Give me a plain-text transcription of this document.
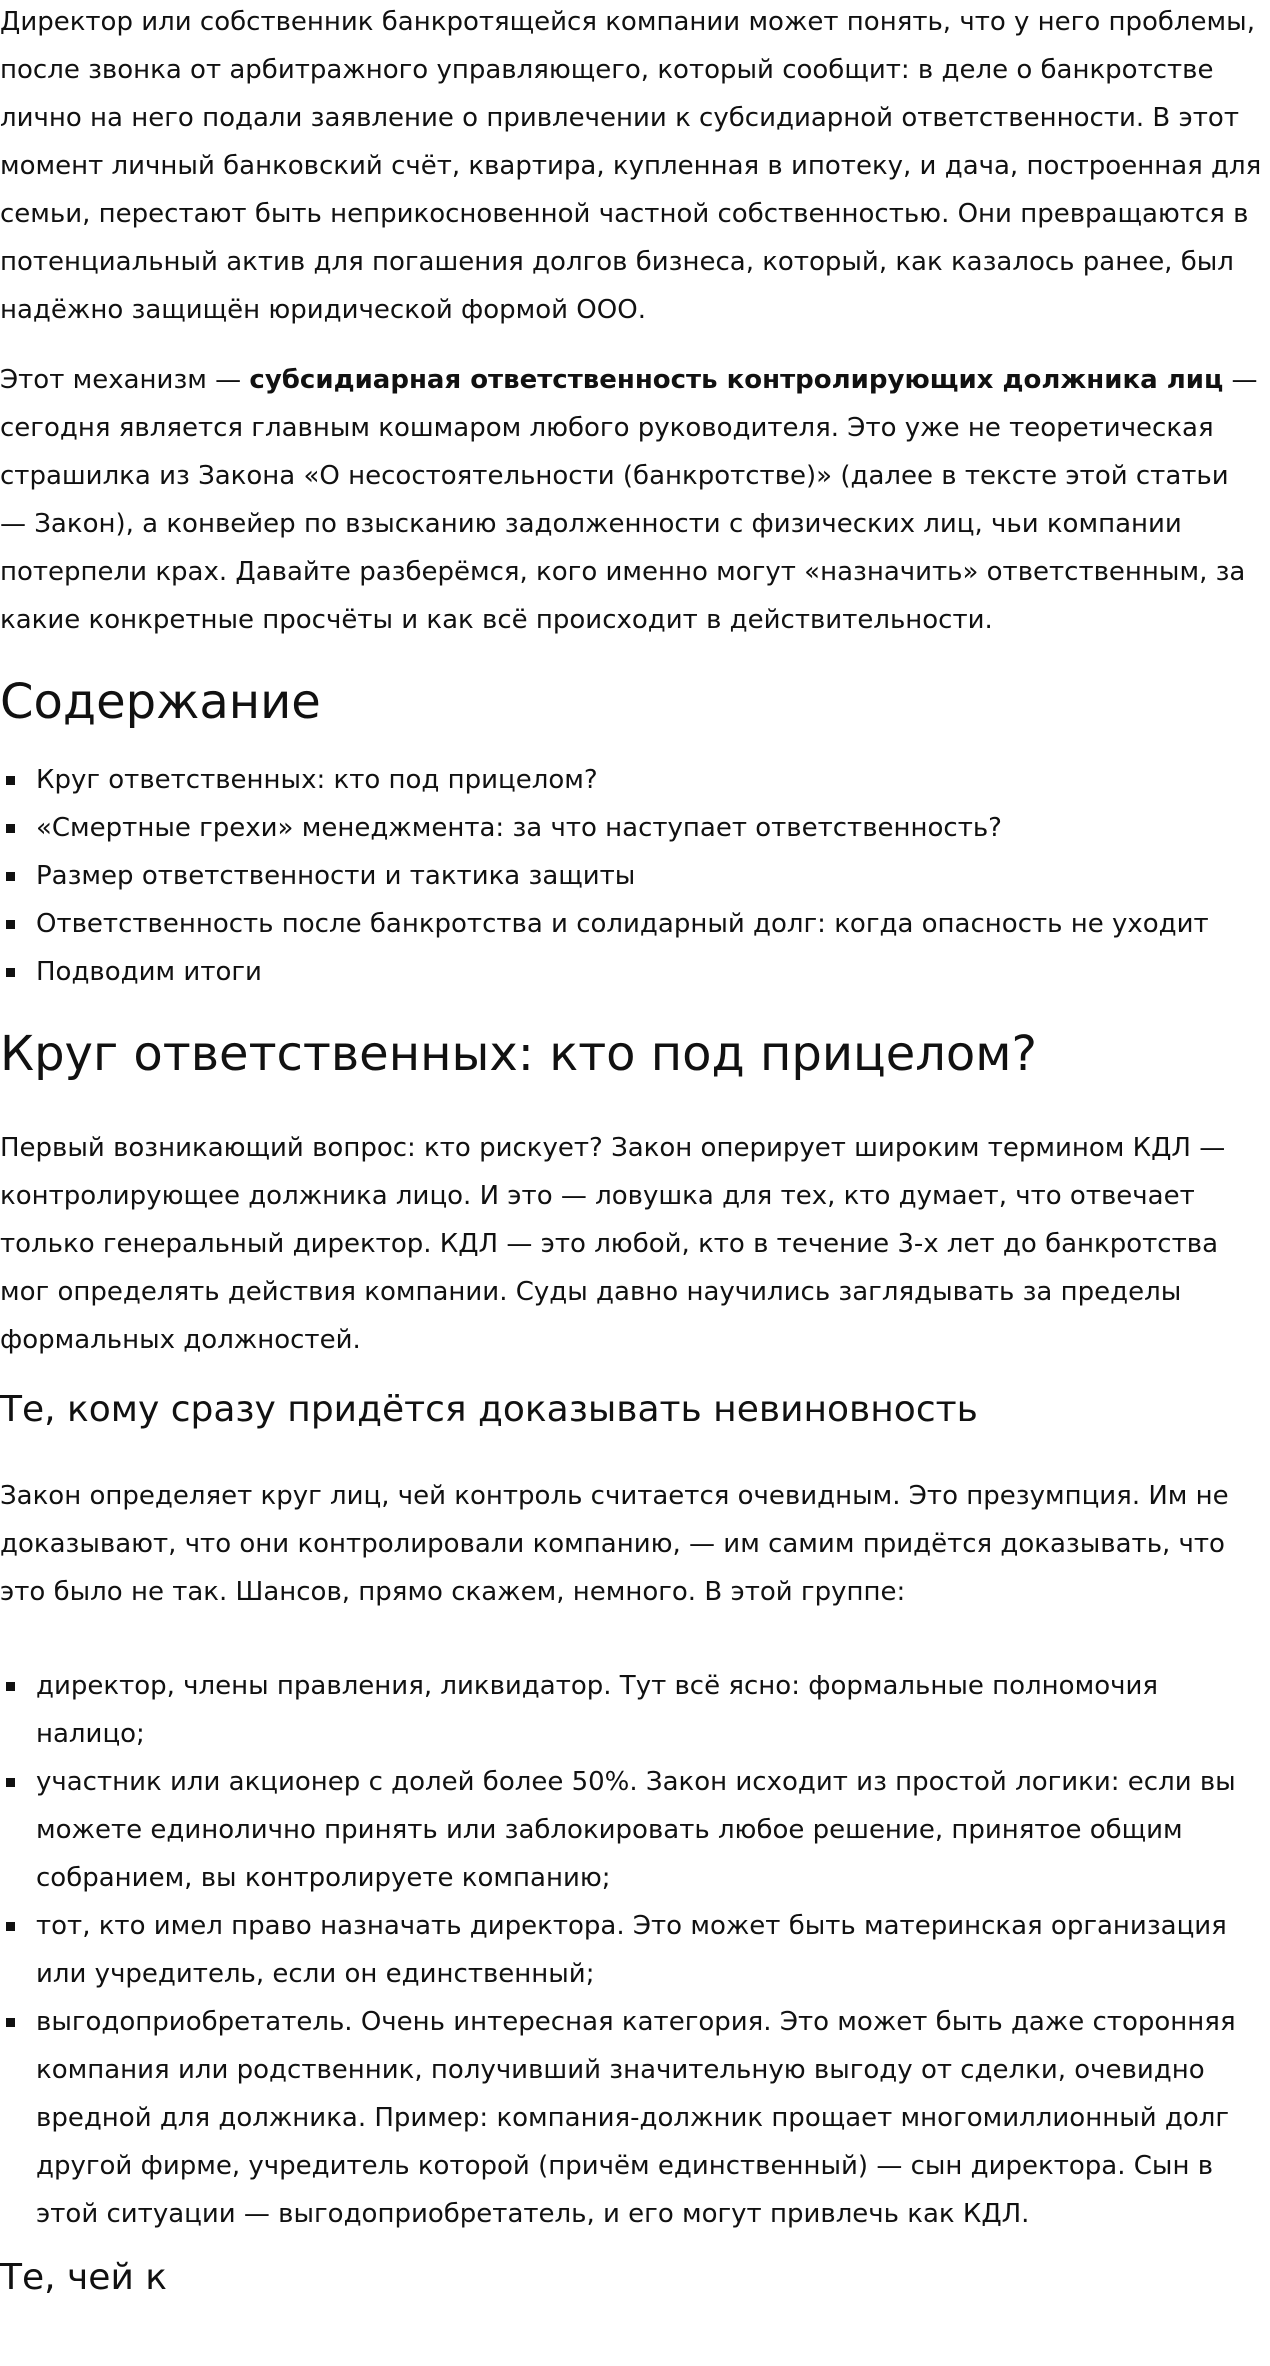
Директор или собственник банкротящейся компании может понять, что у него проблемы, после звонка от арбитражного управляющего, который сообщит: в деле о банкротстве лично на него подали заявление о привлечении к субсидиарной ответственности. В этот момент личный банковский счёт, квартира, купленная в ипотеку, и дача, построенная для семьи, перестают быть неприкосновенной частной собственностью. Они превращаются в потенциальный актив для погашения долгов бизнеса, который, как казалось ранее, был надёжно защищён юридической формой ООО.

Этот механизм — субсидиарная ответственность контролирующих должника лиц — сегодня является главным кошмаром любого руководителя. Это уже не теоретическая страшилка из Закона «О несостоятельности (банкротстве)» (далее в тексте этой статьи — Закон), а конвейер по взысканию задолженности с физических лиц, чьи компании потерпели крах. Давайте разберёмся, кого именно могут «назначить» ответственным, за какие конкретные просчёты и как всё происходит в действительности.

Содержание
Круг ответственных: кто под прицелом?
«Смертные грехи» менеджмента: за что наступает ответственность?
Размер ответственности и тактика защиты
Ответственность после банкротства и солидарный долг: когда опасность не уходит
Подводим итоги
Круг ответственных: кто под прицелом?

Первый возникающий вопрос: кто рискует? Закон оперирует широким термином КДЛ — контролирующее должника лицо. И это — ловушка для тех, кто думает, что отвечает только генеральный директор. КДЛ — это любой, кто в течение 3-х лет до банкротства мог определять действия компании. Суды давно научились заглядывать за пределы формальных должностей.

Те, кому сразу придётся доказывать невиновность

Закон определяет круг лиц, чей контроль считается очевидным. Это презумпция. Им не доказывают, что они контролировали компанию, — им самим придётся доказывать, что это было не так. Шансов, прямо скажем, немного. В этой группе:

директор, члены правления, ликвидатор. Тут всё ясно: формальные полномочия налицо;
участник или акционер с долей более 50%. Закон исходит из простой логики: если вы можете единолично принять или заблокировать любое решение, принятое общим собранием, вы контролируете компанию;
тот, кто имел право назначать директора. Это может быть материнская организация или учредитель, если он единственный;
выгодоприобретатель. Очень интересная категория. Это может быть даже сторонняя компания или родственник, получивший значительную выгоду от сделки, очевидно вредной для должника. Пример: компания-должник прощает многомиллионный долг другой фирме, учредитель которой (причём единственный) — сын директора. Сын в этой ситуации — выгодоприобретатель, и его могут привлечь как КДЛ.
Те, чей к
